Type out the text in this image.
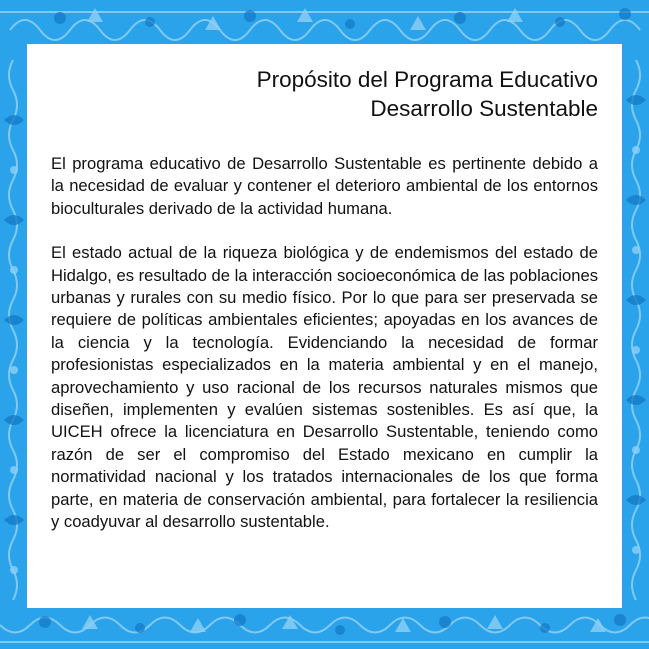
Propósito del Programa Educativo
Desarrollo Sustentable

El programa educativo de Desarrollo Sustentable es pertinente debido a la necesidad de evaluar y contener el deterioro ambiental de los entornos bioculturales derivado de la actividad humana.

El estado actual de la riqueza biológica y de endemismos del estado de Hidalgo, es resultado de la interacción socioeconómica de las poblaciones urbanas y rurales con su medio físico. Por lo que para ser preservada se requiere de políticas ambientales eficientes; apoyadas en los avances de la ciencia y la tecnología. Evidenciando la necesidad de formar profesionistas especializados en la materia ambiental y en el manejo, aprovechamiento y uso racional de los recursos naturales mismos que diseñen, implementen y evalúen sistemas sostenibles. Es así que, la UICEH ofrece la licenciatura en Desarrollo Sustentable, teniendo como razón de ser el compromiso del Estado mexicano en cumplir la normatividad nacional y los tratados internacionales de los que forma parte, en materia de conservación ambiental, para fortalecer la resiliencia y coadyuvar al desarrollo sustentable.
